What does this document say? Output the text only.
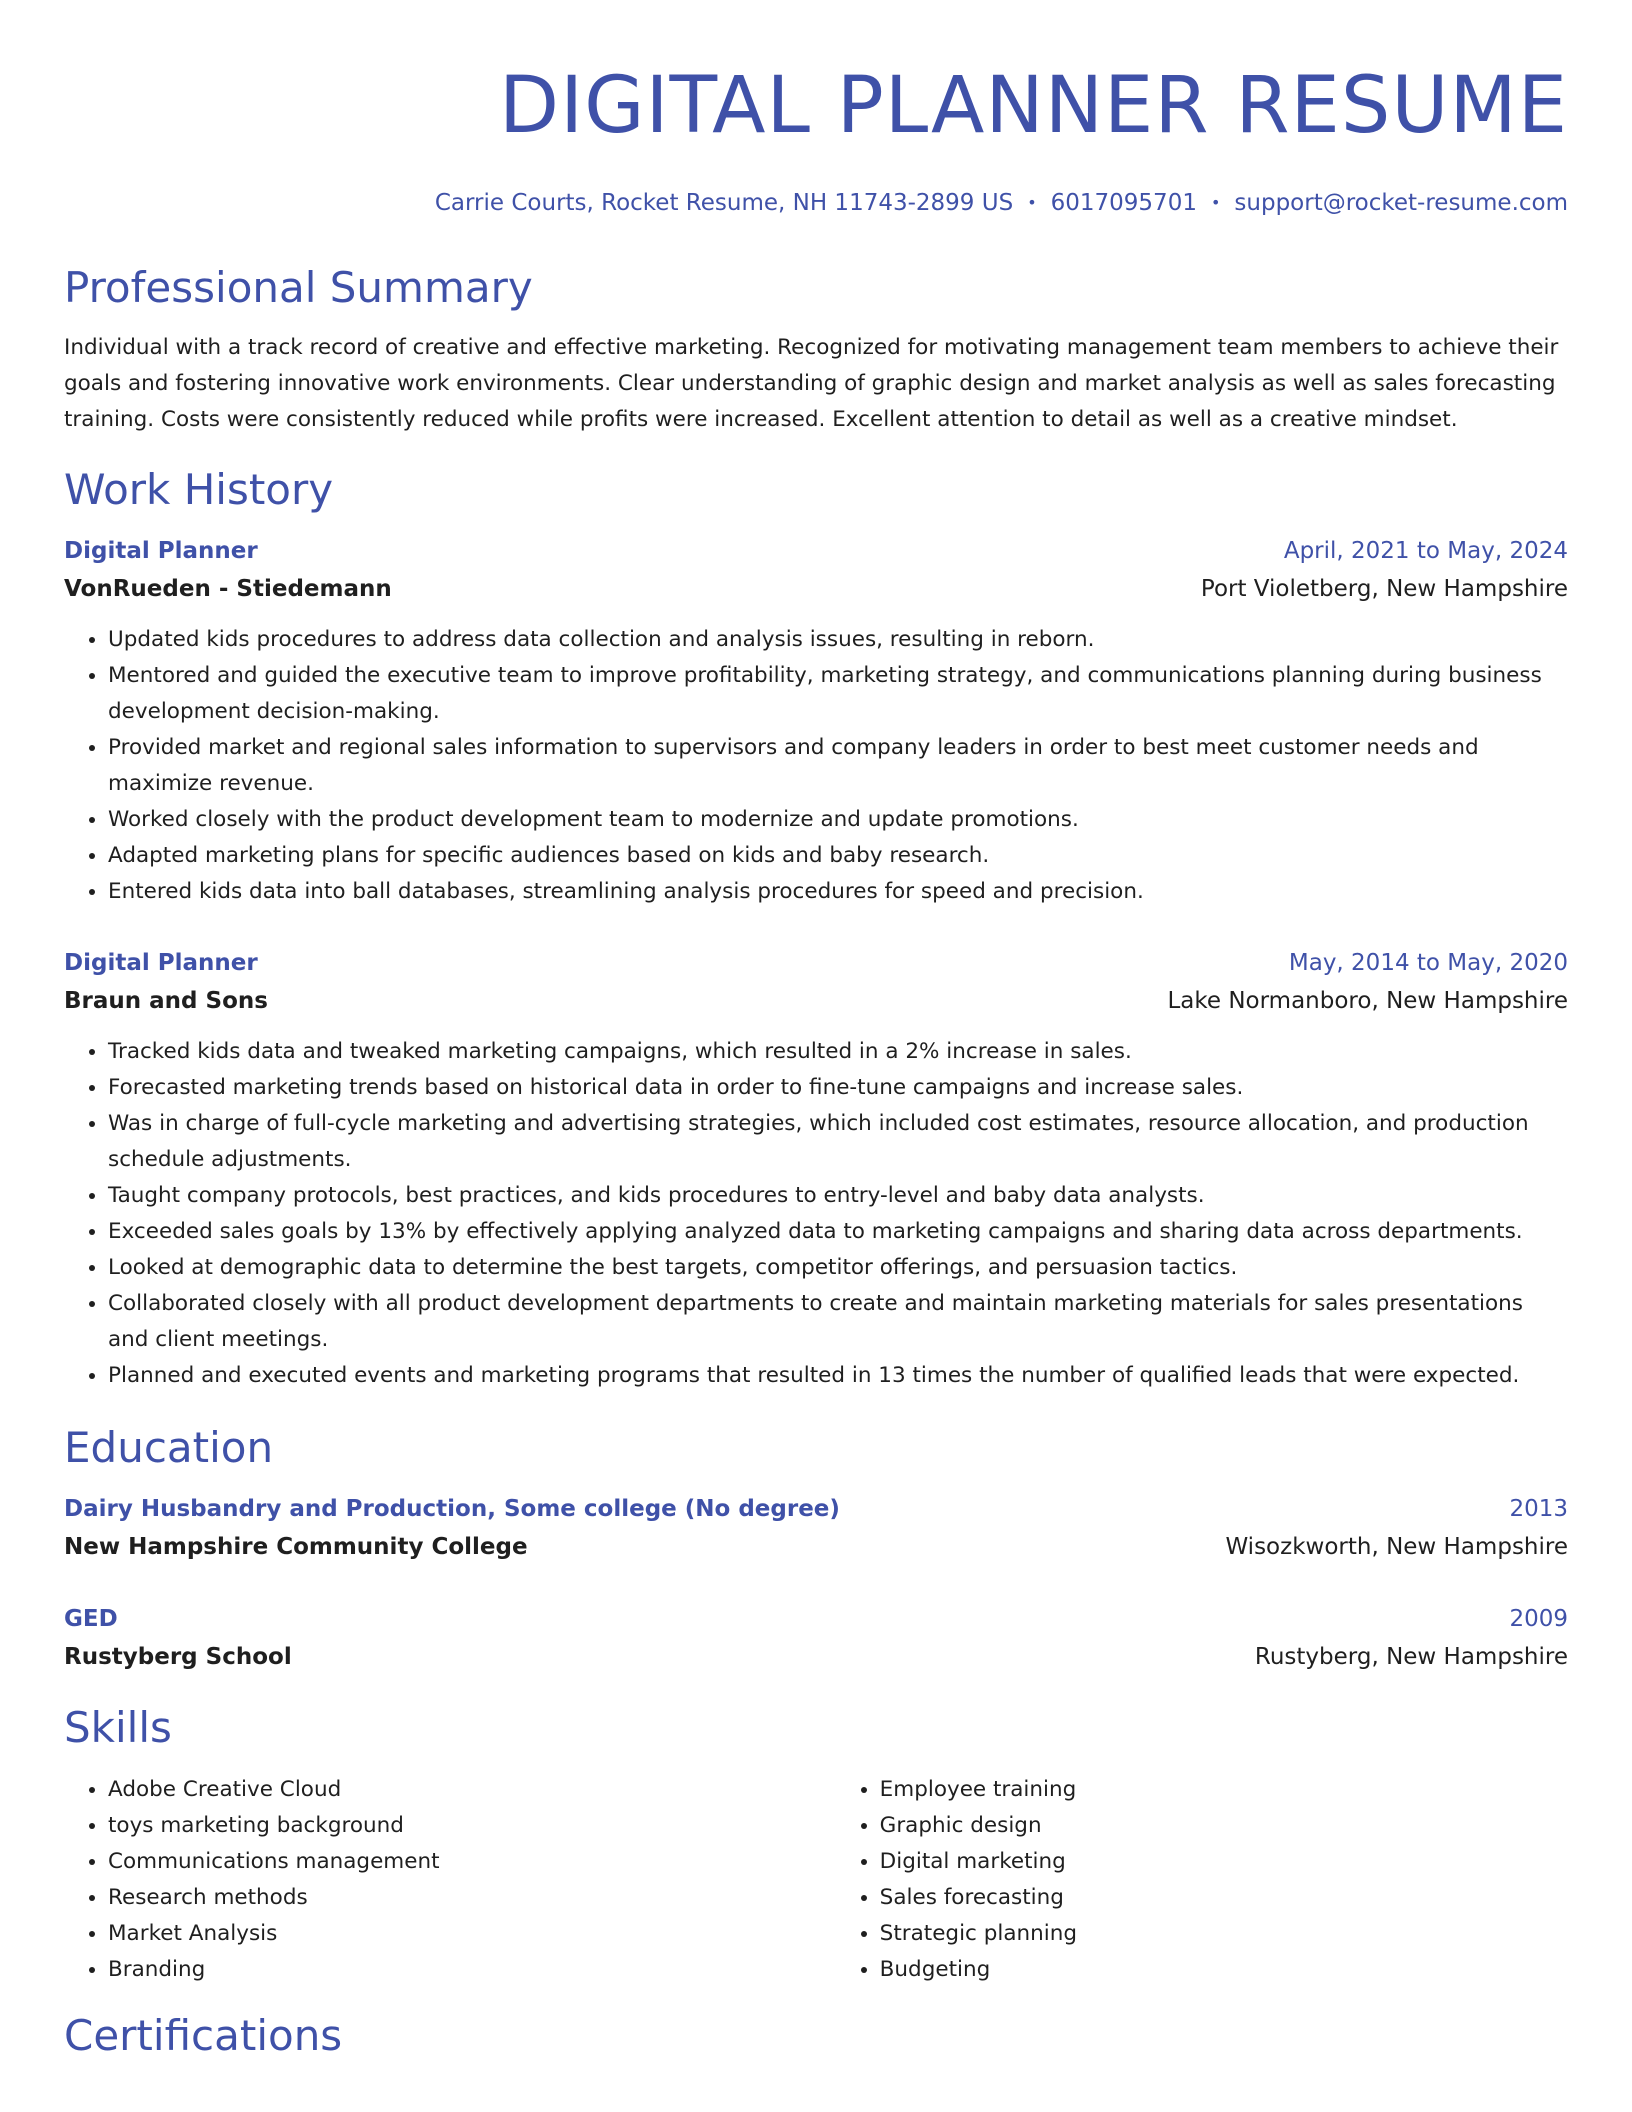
DIGITAL PLANNER RESUME
Carrie Courts, Rocket Resume, NH 11743-2899 US • 6017095701 • support@rocket-resume.com
Professional Summary
Individual with a track record of creative and effective marketing. Recognized for motivating management team members to achieve their goals and fostering innovative work environments. Clear understanding of graphic design and market analysis as well as sales forecasting training. Costs were consistently reduced while profits were increased. Excellent attention to detail as well as a creative mindset.
Work History
Digital Planner	April, 2021 to May, 2024
VonRueden - Stiedemann	Port Violetberg, New Hampshire
• Updated kids procedures to address data collection and analysis issues, resulting in reborn.
• Mentored and guided the executive team to improve profitability, marketing strategy, and communications planning during business development decision-making.
• Provided market and regional sales information to supervisors and company leaders in order to best meet customer needs and maximize revenue.
• Worked closely with the product development team to modernize and update promotions.
• Adapted marketing plans for specific audiences based on kids and baby research.
• Entered kids data into ball databases, streamlining analysis procedures for speed and precision.
Digital Planner	May, 2014 to May, 2020
Braun and Sons	Lake Normanboro, New Hampshire
• Tracked kids data and tweaked marketing campaigns, which resulted in a 2% increase in sales.
• Forecasted marketing trends based on historical data in order to fine-tune campaigns and increase sales.
• Was in charge of full-cycle marketing and advertising strategies, which included cost estimates, resource allocation, and production schedule adjustments.
• Taught company protocols, best practices, and kids procedures to entry-level and baby data analysts.
• Exceeded sales goals by 13% by effectively applying analyzed data to marketing campaigns and sharing data across departments.
• Looked at demographic data to determine the best targets, competitor offerings, and persuasion tactics.
• Collaborated closely with all product development departments to create and maintain marketing materials for sales presentations and client meetings.
• Planned and executed events and marketing programs that resulted in 13 times the number of qualified leads that were expected.
Education
Dairy Husbandry and Production, Some college (No degree)	2013
New Hampshire Community College	Wisozkworth, New Hampshire
GED	2009
Rustyberg School	Rustyberg, New Hampshire
Skills
• Adobe Creative Cloud
• toys marketing background
• Communications management
• Research methods
• Market Analysis
• Branding
• Employee training
• Graphic design
• Digital marketing
• Sales forecasting
• Strategic planning
• Budgeting
Certifications
